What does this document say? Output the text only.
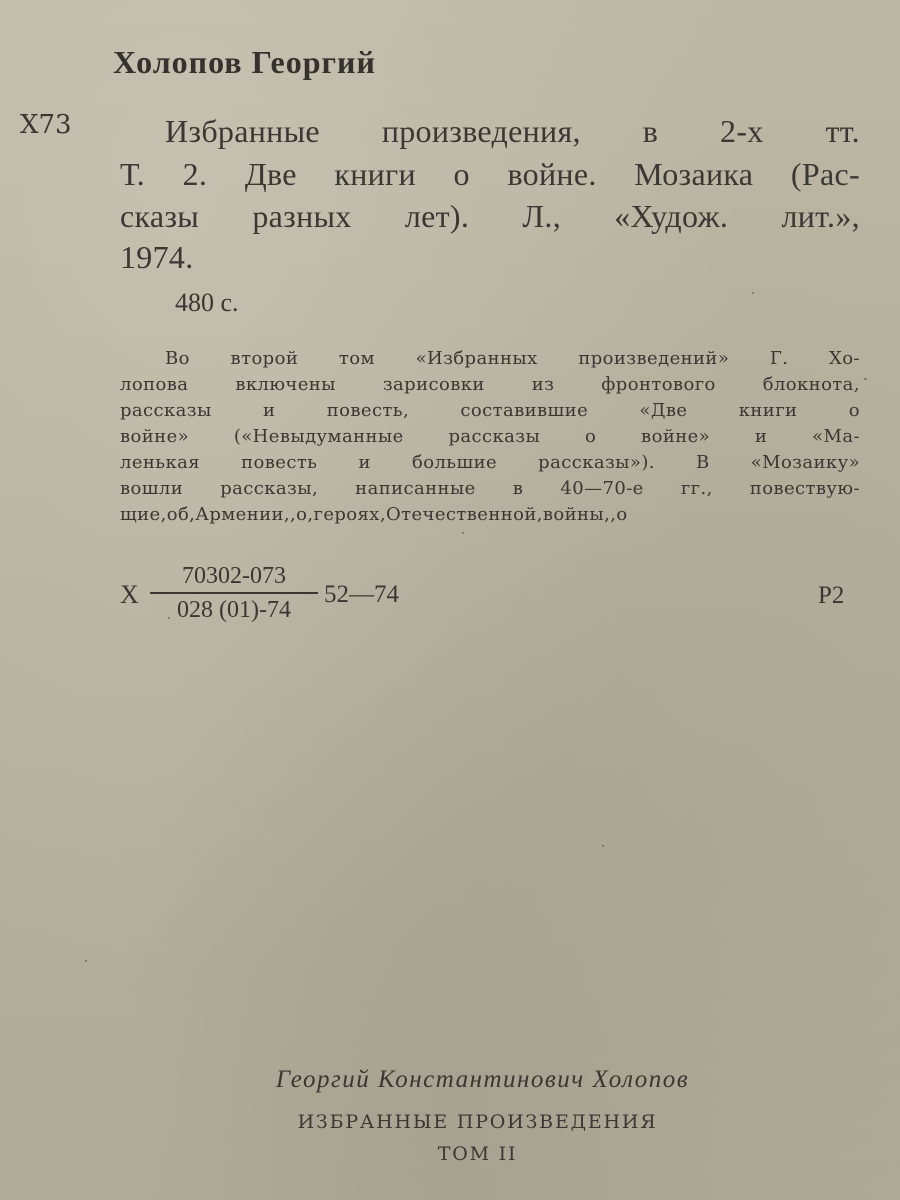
Холопов Георгий
Х73	Избранные произведения, в 2-х тт.
Т. 2. Две книги о войне. Мозаика (Рас-
сказы разных лет). Л., «Худож. лит.»,
1974.
480 с.
Во второй том «Избранных произведений» Г. Хо-
лопова	включены	зарисовки	из	фронтового	блокнота,
рассказы	и	повесть,	составившие	«Две	книги	о
войне» («Невыдуманные рассказы о войне» и «Ма-
ленькая повесть и большие рассказы»). В «Мозаику»
вошли рассказы, написанные в 40—70-е гг., повествую-
щие,об,Армении,,о,героях,Отечественной,войны,,о
Х
70302-073
028 (01)-74
52—74	Р2
Георгий Константинович Холопов
ИЗБРАННЫЕ ПРОИЗВЕДЕНИЯ
ТОМ II
